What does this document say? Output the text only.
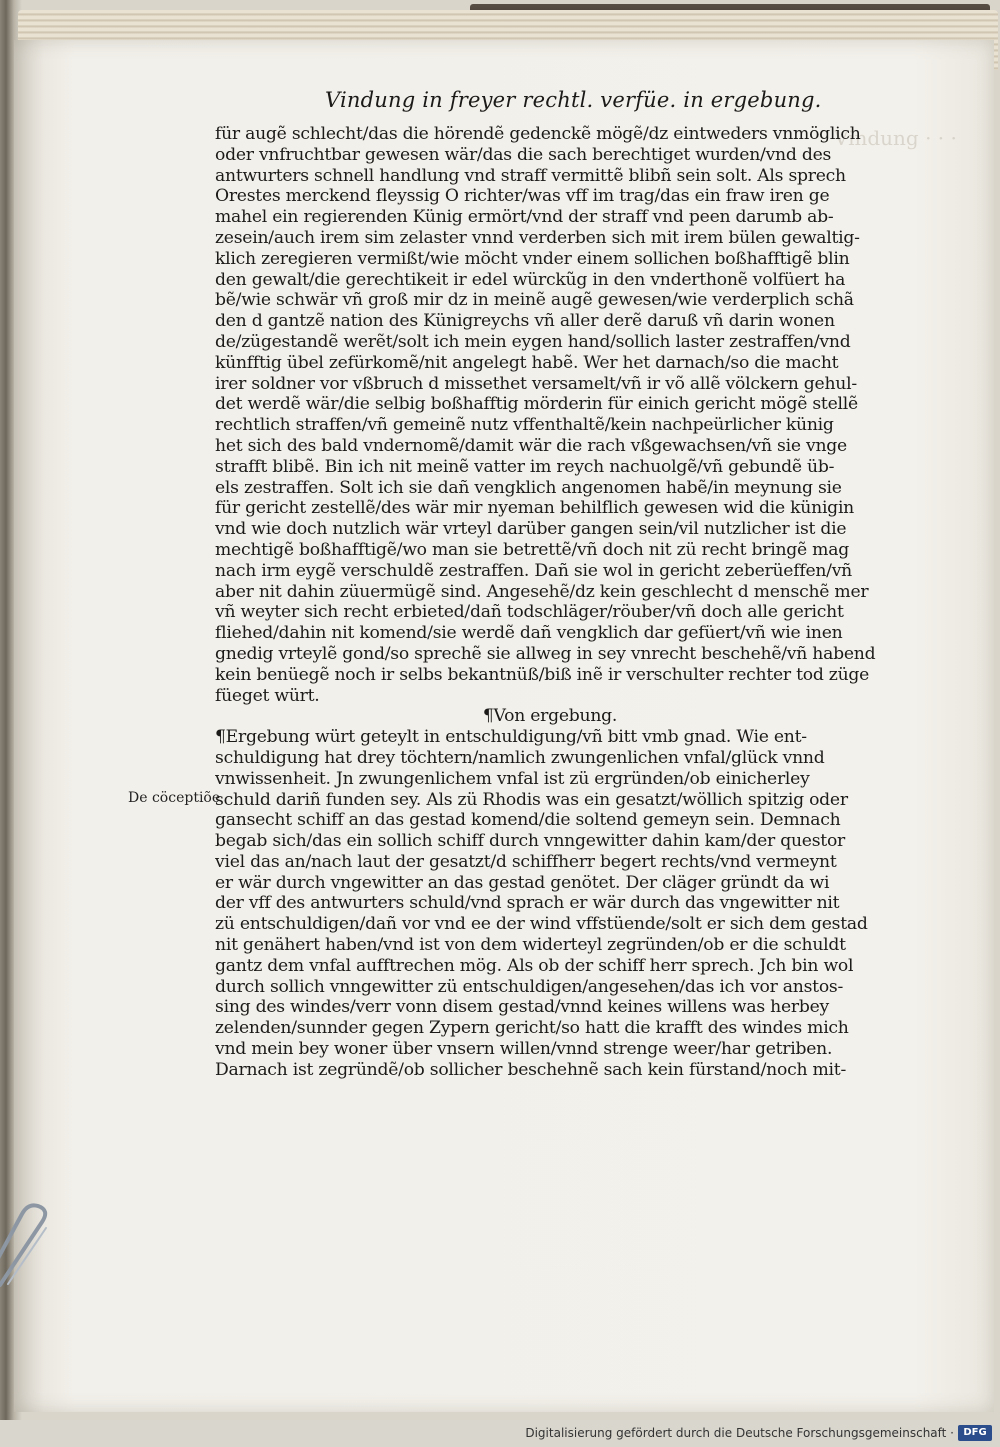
Vindung · · ·
Vindung in freyer rechtl. verfüe. in ergebung.
De cöceptiõe
für augẽ schlecht/das die hörendẽ gedenckẽ mögẽ/dz eintweders vnmöglich
oder vnfruchtbar gewesen wär/das die sach berechtiget wurden/vnd des
antwurters schnell handlung vnd straff vermittẽ blibñ sein solt. Als sprech
Orestes merckend fleyssig O richter/was vff im trag/das ein fraw iren ge
mahel ein regierenden Künig ermört/vnd der straff vnd peen darumb ab-
zesein/auch irem sim zelaster vnnd verderben sich mit irem bülen gewaltig-
klich zeregieren vermißt/wie möcht vnder einem sollichen boßhafftigẽ blin
den gewalt/die gerechtikeit ir edel würckũg in den vnderthonẽ volfüert ha
bẽ/wie schwär vñ groß mir dz in meinẽ augẽ gewesen/wie verderplich schã
den d gantzẽ nation des Künigreychs vñ aller derẽ daruß vñ darin wonen
de/zügestandẽ werẽt/solt ich mein eygen hand/sollich laster zestraffen/vnd
künfftig übel zefürkomẽ/nit angelegt habẽ. Wer het darnach/so die macht
irer soldner vor vßbruch d missethet versamelt/vñ ir võ allẽ völckern gehul-
det werdẽ wär/die selbig boßhafftig mörderin für einich gericht mögẽ stellẽ
rechtlich straffen/vñ gemeinẽ nutz vffenthaltẽ/kein nachpeürlicher künig
het sich des bald vndernomẽ/damit wär die rach vßgewachsen/vñ sie vnge
strafft blibẽ. Bin ich nit meinẽ vatter im reych nachuolgẽ/vñ gebundẽ üb-
els zestraffen. Solt ich sie dañ vengklich angenomen habẽ/in meynung sie
für gericht zestellẽ/des wär mir nyeman behilflich gewesen wid die künigin
vnd wie doch nutzlich wär vrteyl darüber gangen sein/vil nutzlicher ist die
mechtigẽ boßhafftigẽ/wo man sie betrettẽ/vñ doch nit zü recht bringẽ mag
nach irm eygẽ verschuldẽ zestraffen. Dañ sie wol in gericht zeberüeffen/vñ
aber nit dahin züuermügẽ sind. Angesehẽ/dz kein geschlecht d menschẽ mer
vñ weyter sich recht erbieted/dañ todschläger/röuber/vñ doch alle gericht
fliehed/dahin nit komend/sie werdẽ dañ vengklich dar gefüert/vñ wie inen
gnedig vrteylẽ gond/so sprechẽ sie allweg in sey vnrecht beschehẽ/vñ habend
kein benüegẽ noch ir selbs bekantnüß/biß inẽ ir verschulter rechter tod züge
füeget würt.
¶Von ergebung.
¶Ergebung würt geteylt in entschuldigung/vñ bitt vmb gnad. Wie ent-
schuldigung hat drey töchtern/namlich zwungenlichen vnfal/glück vnnd
vnwissenheit. Jn zwungenlichem vnfal ist zü ergründen/ob einicherley
schuld dariñ funden sey. Als zü Rhodis was ein gesatzt/wöllich spitzig oder
gansecht schiff an das gestad komend/die soltend gemeyn sein. Demnach
begab sich/das ein sollich schiff durch vnngewitter dahin kam/der questor
viel das an/nach laut der gesatzt/d schiffherr begert rechts/vnd vermeynt
er wär durch vngewitter an das gestad genötet. Der cläger gründt da wi
der vff des antwurters schuld/vnd sprach er wär durch das vngewitter nit
zü entschuldigen/dañ vor vnd ee der wind vffstüende/solt er sich dem gestad
nit genähert haben/vnd ist von dem widerteyl zegründen/ob er die schuldt
gantz dem vnfal aufftrechen mög. Als ob der schiff herr sprech. Jch bin wol
durch sollich vnngewitter zü entschuldigen/angesehen/das ich vor anstos-
sing des windes/verr vonn disem gestad/vnnd keines willens was herbey
zelenden/sunnder gegen Zypern gericht/so hatt die krafft des windes mich
vnd mein bey woner über vnsern willen/vnnd strenge weer/har getriben.
Darnach ist zegründẽ/ob sollicher beschehnẽ sach kein fürstand/noch mit-
Digitalisierung gefördert durch die Deutsche Forschungsgemeinschaft · DFG
